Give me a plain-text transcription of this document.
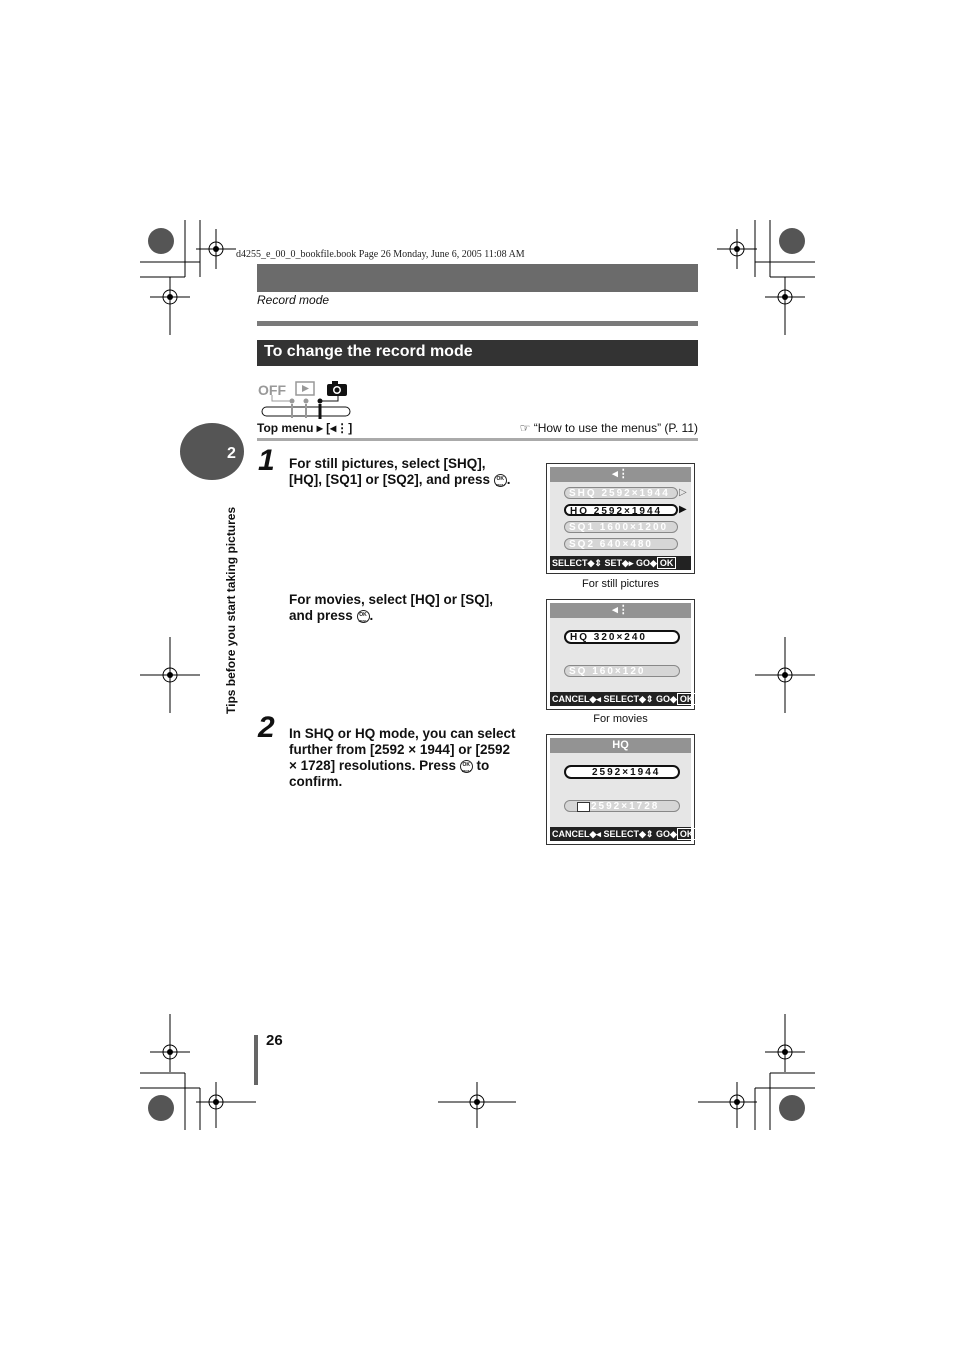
d4255_e_00_0_bookfile.book Page 26 Monday, June 6, 2005 11:08 AM
Record mode
To change the record mode
OFF
Top menu ▸ [◂⋮]	☞ “How to use the menus” (P. 11)
2
Tips before you start taking pictures
1 For still pictures, select [SHQ], [HQ], [SQ1] or [SQ2], and press OK
MENU .
For movies, select [HQ] or [SQ], and press OK
MENU .
2 In SHQ or HQ mode, you can select further from [2592 × 1944] or [2592 × 1728] resolutions. Press OK
MENU to confirm.
◂⋮
SHQ 2592×1944
HQ 2592×1944
SQ1 1600×1200
SQ2 640×480
▷
▶
SELECT◆⇕ SET◆▸ GO◆ OK
For still pictures
◂⋮
HQ 320×240
SQ 160×120
CANCEL◆◂ SELECT◆⇕ GO◆ OK
For movies
HQ
2592×1944
2592×1728
CANCEL◆◂ SELECT◆⇕ GO◆ OK
26
